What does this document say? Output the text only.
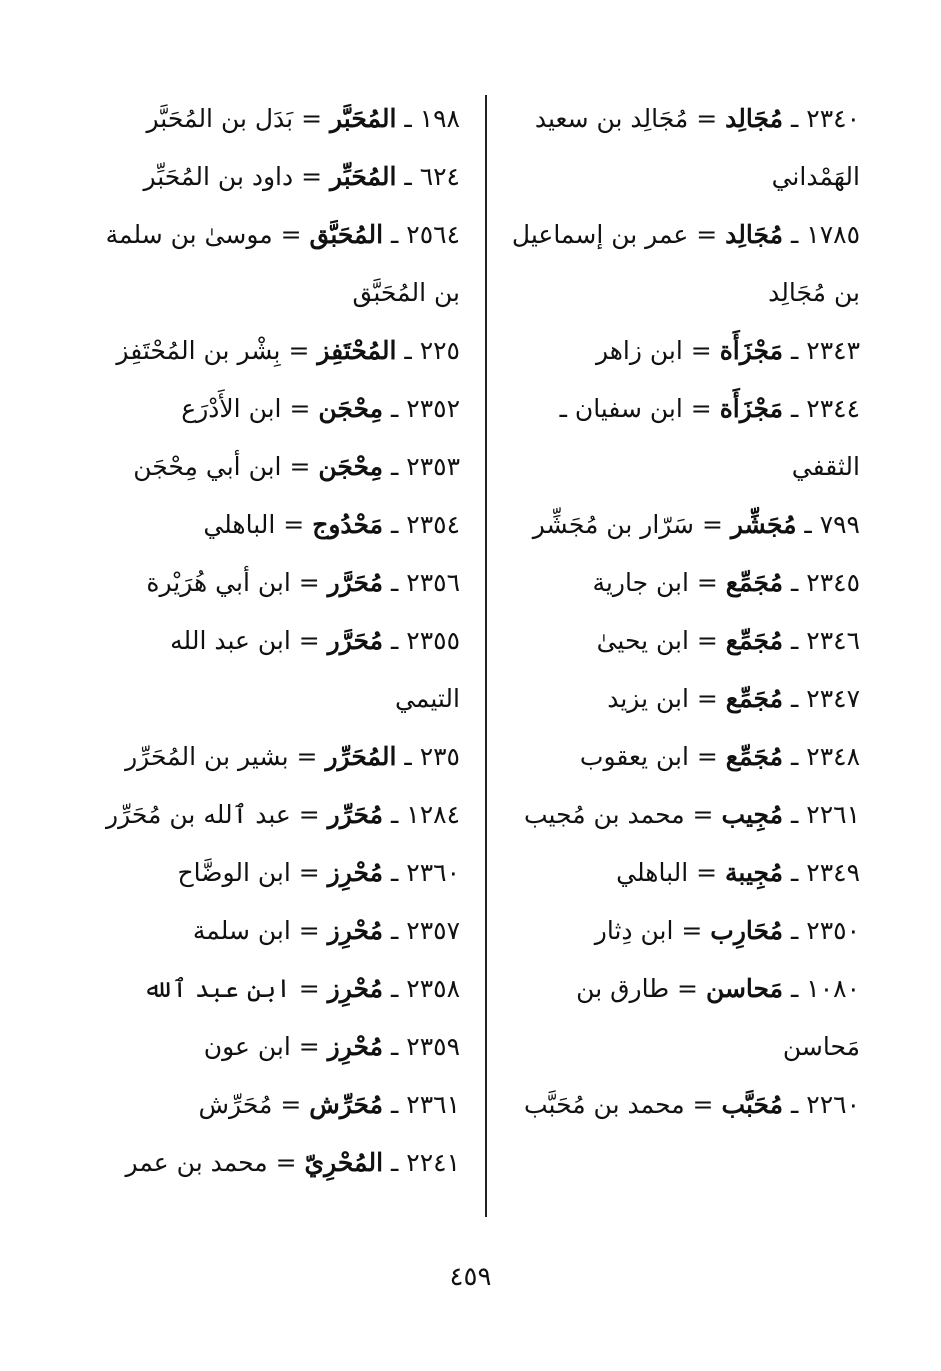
٢٣٤٠ ـ مُجَالِد = مُجَالِد بن سعيد الهَمْداني

١٧٨٥ ـ مُجَالِد = عمر بن إسماعيل بن مُجَالِد

٢٣٤٣ ـ مَجْزَأَة = ابن زاهر

٢٣٤٤ ـ مَجْزَأَة = ابن سفيان ـ الثقفي

٧٩٩ ـ مُجَشِّر = سَرّار بن مُجَشِّر

٢٣٤٥ ـ مُجَمِّع = ابن جارية

٢٣٤٦ ـ مُجَمِّع = ابن يحيىٰ

٢٣٤٧ ـ مُجَمِّع = ابن يزيد

٢٣٤٨ ـ مُجَمِّع = ابن يعقوب

٢٢٦١ ـ مُجِيب = محمد بن مُجيب

٢٣٤٩ ـ مُجِيبة = الباهلي

٢٣٥٠ ـ مُحَارِب = ابن دِثار

١٠٨٠ ـ مَحاسن = طارق بن مَحاسن

٢٢٦٠ ـ مُحَبَّب = محمد بن مُحَبَّب

١٩٨ ـ المُحَبَّر = بَدَل بن المُحَبَّر

٦٢٤ ـ المُحَبِّر = داود بن المُحَبِّر

٢٥٦٤ ـ المُحَبَّق = موسىٰ بن سلمة بن المُحَبَّق

٢٢٥ ـ المُحْتَفِز = بِشْر بن المُحْتَفِز

٢٣٥٢ ـ مِحْجَن = ابن الأَدْرَع

٢٣٥٣ ـ مِحْجَن = ابن أبي مِحْجَن

٢٣٥٤ ـ مَحْدُوج = الباهلي

٢٣٥٦ ـ مُحَرَّر = ابن أبي هُرَيْرة

٢٣٥٥ ـ مُحَرَّر = ابن عبد الله التيمي

٢٣٥ ـ المُحَرِّر = بشير بن المُحَرِّر

١٢٨٤ ـ مُحَرِّر = عبد ٱلله بن مُحَرِّر

٢٣٦٠ ـ مُحْرِز = ابن الوضَّاح

٢٣٥٧ ـ مُحْرِز = ابن سلمة

٢٣٥٨ ـ مُحْرِز = ابن عبد ٱلله

٢٣٥٩ ـ مُحْرِز = ابن عون

٢٣٦١ ـ مُحَرِّش = مُحَرِّش

٢٢٤١ ـ المُحْرِيّ = محمد بن عمر

٤٥٩
